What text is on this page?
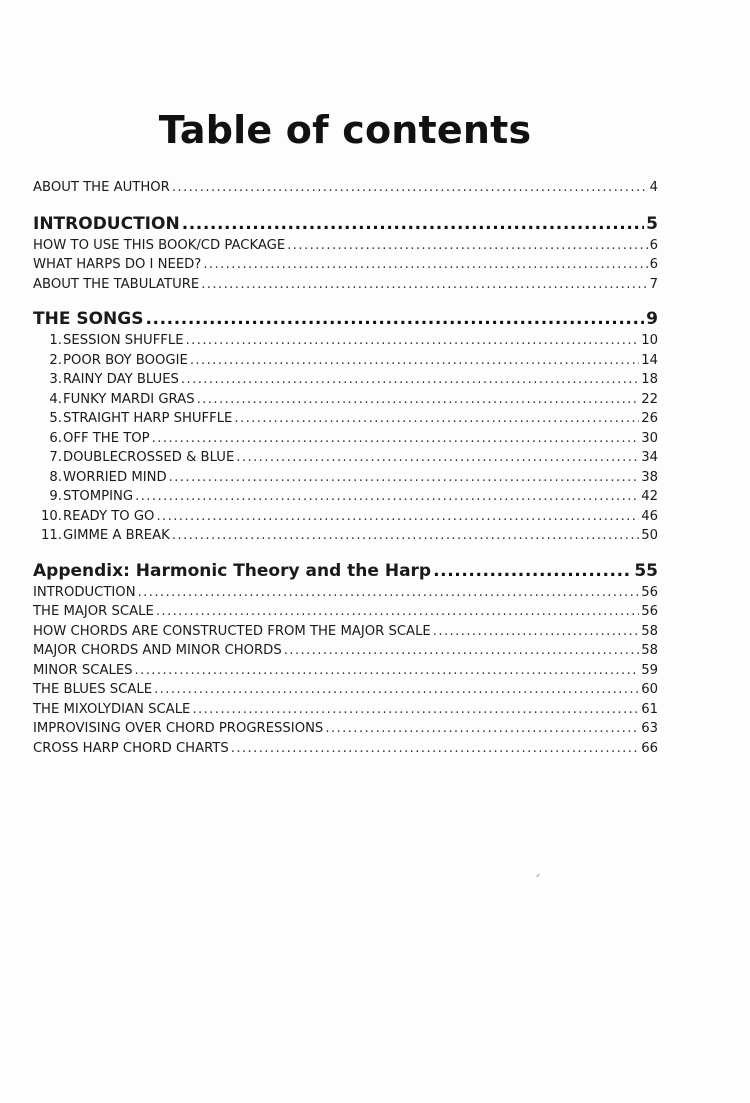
Table of contents
ABOUT THE AUTHOR .....	4
INTRODUCTION .....	5
HOW TO USE THIS BOOK/CD PACKAGE .....	6
WHAT HARPS DO I NEED? .....	6
ABOUT THE TABULATURE .....	7
THE SONGS .....	9
1. SESSION SHUFFLE .....	10
2. POOR BOY BOOGIE .....	14
3. RAINY DAY BLUES .....	18
4. FUNKY MARDI GRAS .....	22
5. STRAIGHT HARP SHUFFLE .....	26
6. OFF THE TOP .....	30
7. DOUBLECROSSED & BLUE .....	34
8. WORRIED MIND .....	38
9. STOMPING .....	42
10. READY TO GO .....	46
11. GIMME A BREAK .....	50
Appendix: Harmonic Theory and the Harp .....	55
INTRODUCTION .....	56
THE MAJOR SCALE .....	56
HOW CHORDS ARE CONSTRUCTED FROM THE MAJOR SCALE .....	58
MAJOR CHORDS AND MINOR CHORDS .....	58
MINOR SCALES .....	59
THE BLUES SCALE .....	60
THE MIXOLYDIAN SCALE .....	61
IMPROVISING OVER CHORD PROGRESSIONS .....	63
CROSS HARP CHORD CHARTS .....	66
